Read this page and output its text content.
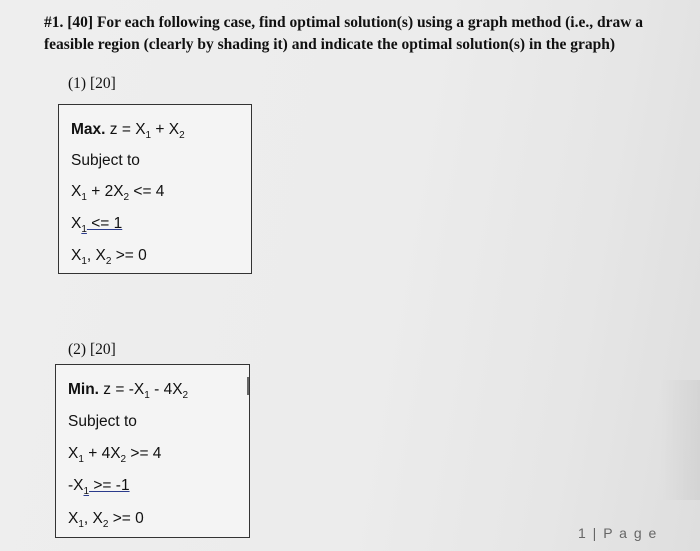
#1. [40] For each following case, find optimal solution(s) using a graph method (i.e., draw a feasible region (clearly by shading it) and indicate the optimal solution(s) in the graph)
(1) [20]
Max. $z = X_1 + X_2$
Subject to
$X_1 + 2X_2 <= 4$
$X_1 <= 1$
$X_1$, $X_2 >= 0$
(2) [20]
Min. $z = -X_1 - 4X_2$
Subject to
$X_1 + 4X_2 >= 4$
$-X_1 >= -1$
$X_1$, $X_2 >= 0$
1 | P a g e
